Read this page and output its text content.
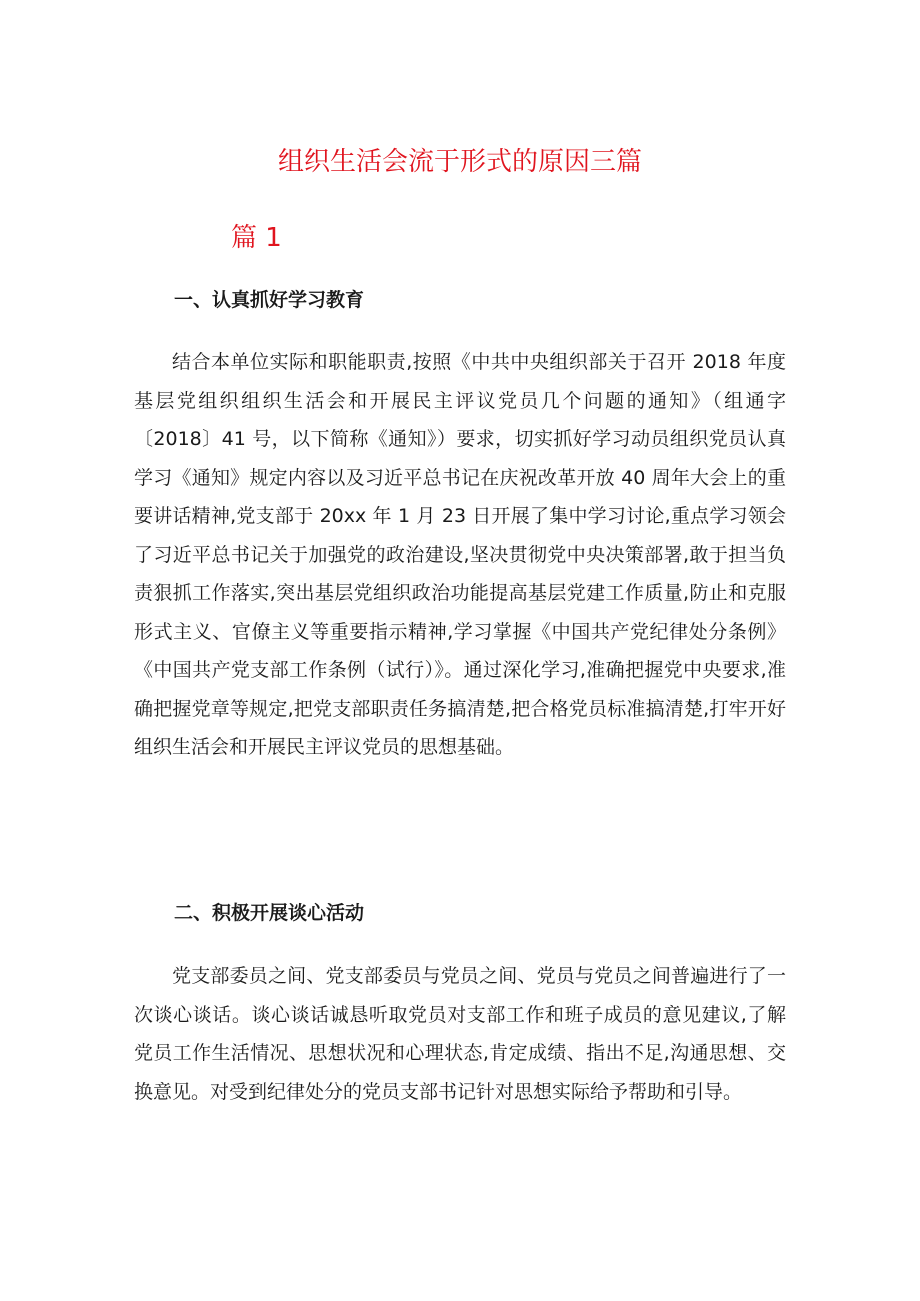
组织生活会流于形式的原因三篇
篇 1
一、认真抓好学习教育

结合本单位实际和职能职责,按照《中共中央组织部关于召开 2018 年度基层党组织组织生活会和开展民主评议党员几个问题的通知》（组通字〔2018〕41 号，以下简称《通知》）要求，切实抓好学习动员组织党员认真学习《通知》规定内容以及习近平总书记在庆祝改革开放 40 周年大会上的重要讲话精神,党支部于 20xx 年 1 月 23 日开展了集中学习讨论,重点学习领会了习近平总书记关于加强党的政治建设,坚决贯彻党中央决策部署,敢于担当负责狠抓工作落实,突出基层党组织政治功能提高基层党建工作质量,防止和克服形式主义、官僚主义等重要指示精神,学习掌握《中国共产党纪律处分条例》《中国共产党支部工作条例（试行）》。通过深化学习,准确把握党中央要求,准确把握党章等规定,把党支部职责任务搞清楚,把合格党员标准搞清楚,打牢开好组织生活会和开展民主评议党员的思想基础。

二、积极开展谈心活动

党支部委员之间、党支部委员与党员之间、党员与党员之间普遍进行了一次谈心谈话。谈心谈话诚恳听取党员对支部工作和班子成员的意见建议,了解党员工作生活情况、思想状况和心理状态,肯定成绩、指出不足,沟通思想、交换意见。对受到纪律处分的党员支部书记针对思想实际给予帮助和引导。
